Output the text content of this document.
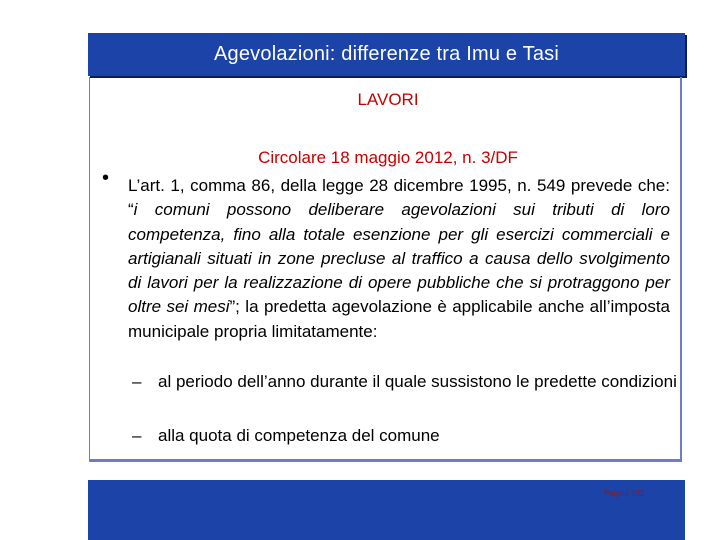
Agevolazioni: differenze tra Imu e Tasi
LAVORI
Circolare 18 maggio 2012, n. 3/DF
• L’art. 1, comma 86, della legge 28 dicembre 1995, n. 549 prevede che: “i comuni possono deliberare agevolazioni sui tributi di loro competenza, fino alla totale esenzione per gli esercizi commerciali e artigianali situati in zone precluse al traffico a causa dello svolgimento di lavori per la realizzazione di opere pubbliche che si protraggono per oltre sei mesi”; la predetta agevolazione è applicabile anche all’imposta municipale propria limitatamente:
– al periodo dell’anno durante il quale sussistono le predette condizioni
– alla quota di competenza del comune
Pagina 192
